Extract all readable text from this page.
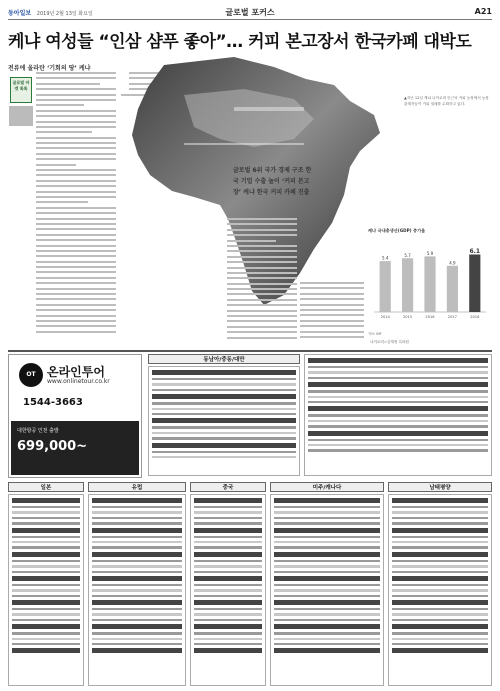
동아일보 2019년 2월 13일 화요일	글로벌 포커스	A21
케냐 여성들 “인삼 샴푸 좋아”… 커피 본고장서 한국카페 대박도
전류에 올라탄 ‘기회의 땅’ 케냐
글로벌 마켓 톡톡
글로벌 6위 국가 경제 구조 한국 기업 수출 높이 ‘커피 본고장’ 케냐 한국 커피 카페 진출
▲지난 12일 케냐 나이로비 인근의 커피 농장에서 농장 관계자들이 커피 열매를 수확하고 있다.
케냐 국내총생산(GDP) 증가율
5.4
2014
5.7
2015
5.9
2016
4.9
2017
6.1
2018
자료: IMF
나이로비=김재영 특파원
OT 온라인투어
www.onlinetour.co.kr
1544-3663
대한항공 인천 출발
699,000~
동남아/중동/대만
일본	유럽	중국	미주/캐나다	남태평양
